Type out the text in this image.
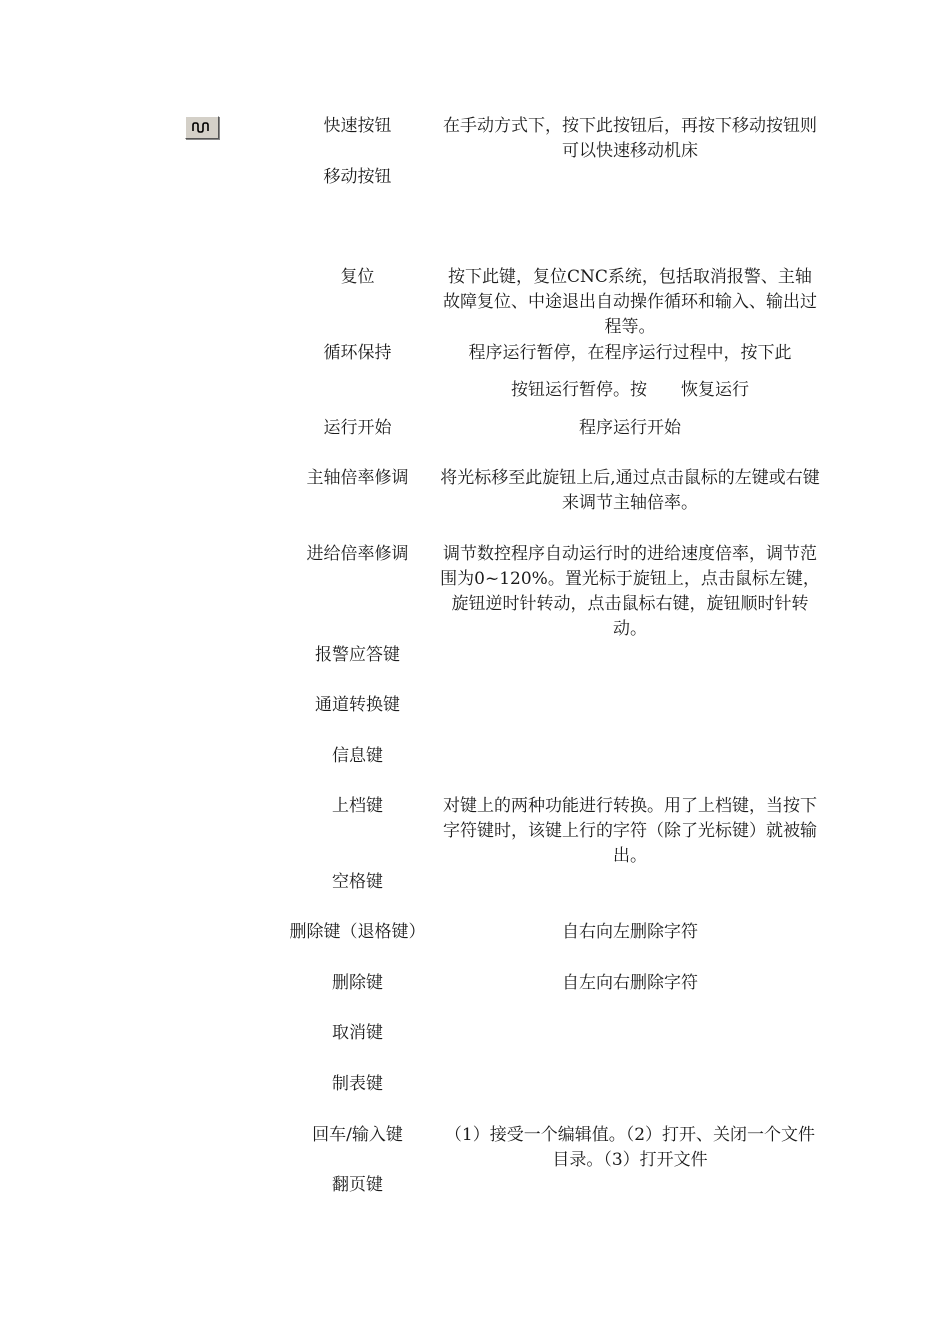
快速按钮	在手动方式下，按下此按钮后，再按下移动按钮则可以快速移动机床
移动按钮
复位	按下此键，复位CNC系统，包括取消报警、主轴故障复位、中途退出自动操作循环和输入、输出过程等。
循环保持	程序运行暂停，在程序运行过程中，按下此
按钮运行暂停。按　　恢复运行
运行开始	程序运行开始
主轴倍率修调	将光标移至此旋钮上后,通过点击鼠标的左键或右键来调节主轴倍率。
进给倍率修调	调节数控程序自动运行时的进给速度倍率，调节范围为0~120%。置光标于旋钮上，点击鼠标左键，旋钮逆时针转动，点击鼠标右键，旋钮顺时针转动。
报警应答键
通道转换键
信息键
上档键	对键上的两种功能进行转换。用了上档键，当按下字符键时，该键上行的字符（除了光标键）就被输出。
空格键
删除键（退格键）	自右向左删除字符
删除键	自左向右删除字符
取消键
制表键
回车/输入键	（1）接受一个编辑值。（2）打开、关闭一个文件目录。（3）打开文件
翻页键
